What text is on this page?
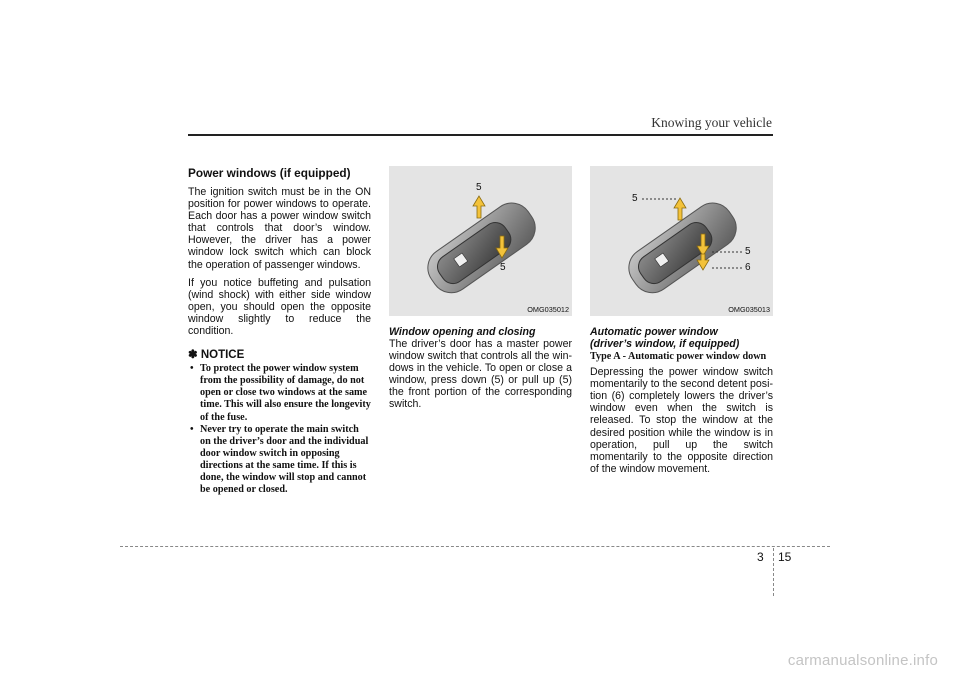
Knowing your vehicle
Power windows (if equipped)

The ignition switch must be in the ON position for power windows to operate. Each door has a power window switch that controls that door’s window. However, the driver has a power window lock switch which can block the operation of passenger windows.

If you notice buffeting and pulsation (wind shock) with either side window open, you should open the opposite window slightly to reduce the condition.

✽ NOTICE
• To protect the power window system from the possibility of damage, do not open or close two windows at the same time. This will also ensure the longevity of the fuse.
• Never try to operate the main switch on the driver’s door and the individual door window switch in opposing directions at the same time. If this is done, the window will stop and cannot be opened or closed.
5
5
OMG035012
Window opening and closing

The driver’s door has a master power window switch that controls all the windows in the vehicle. To open or close a window, press down (5) or pull up (5) the front portion of the corresponding switch.

5
5
6
OMG035013
Automatic power window
(driver’s window, if equipped)
Type A - Automatic power window down

Depressing the power window switch momentarily to the second detent position (6) completely lowers the driver’s window even when the switch is released. To stop the window at the desired position while the window is in operation, pull up the switch momentarily to the opposite direction of the window movement.

3 15
carmanualsonline.info
